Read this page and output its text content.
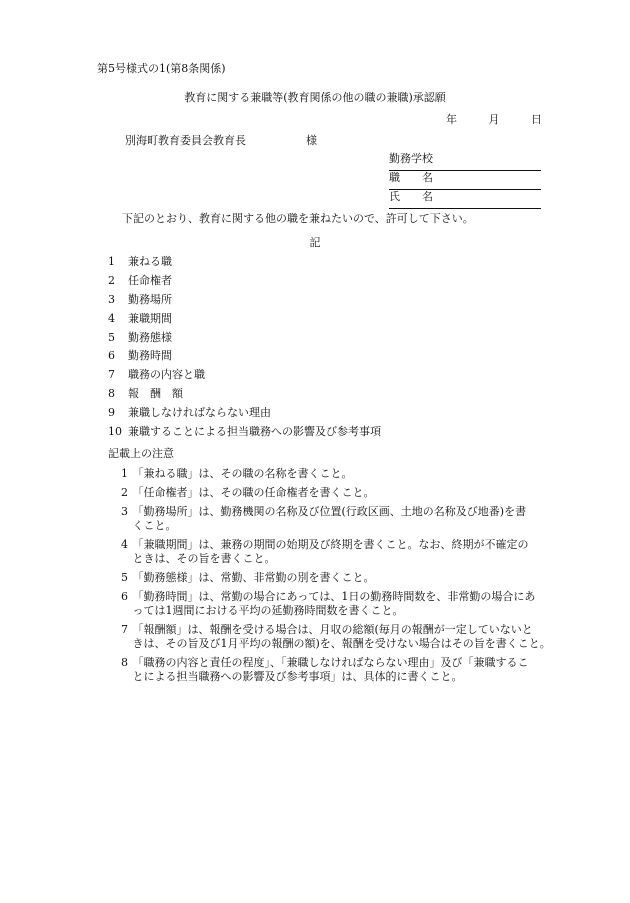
第5号様式の1(第8条関係)
教育に関する兼職等(教育関係の他の職の兼職)承認願
年	月	日
別海町教育委員会教育長	様
勤務学校
職　　名
氏　　名
下記のとおり、教育に関する他の職を兼ねたいので、許可して下さい。
記
1 兼ねる職
2 任命権者
3 勤務場所
4 兼職期間
5 勤務態様
6 勤務時間
7 職務の内容と職
8 報　酬　額
9 兼職しなければならない理由
10 兼職することによる担当職務への影響及び参考事項
記載上の注意
1 「兼ねる職」は、その職の名称を書くこと。
2 「任命権者」は、その職の任命権者を書くこと。
3 「勤務場所」は、勤務機関の名称及び位置(行政区画、土地の名称及び地番)を書
くこと。
4 「兼職期間」は、兼務の期間の始期及び終期を書くこと。なお、終期が不確定の
ときは、その旨を書くこと。
5 「勤務態様」は、常勤、非常勤の別を書くこと。
6 「勤務時間」は、常勤の場合にあっては、1日の勤務時間数を、非常勤の場合にあ
っては1週間における平均の延勤務時間数を書くこと。
7 「報酬額」は、報酬を受ける場合は、月収の総額(毎月の報酬が一定していないと
きは、その旨及び1月平均の報酬の額)を、報酬を受けない場合はその旨を書くこと。
8 「職務の内容と責任の程度」、「兼職しなければならない理由」及び「兼職するこ
とによる担当職務への影響及び参考事項」は、具体的に書くこと。
